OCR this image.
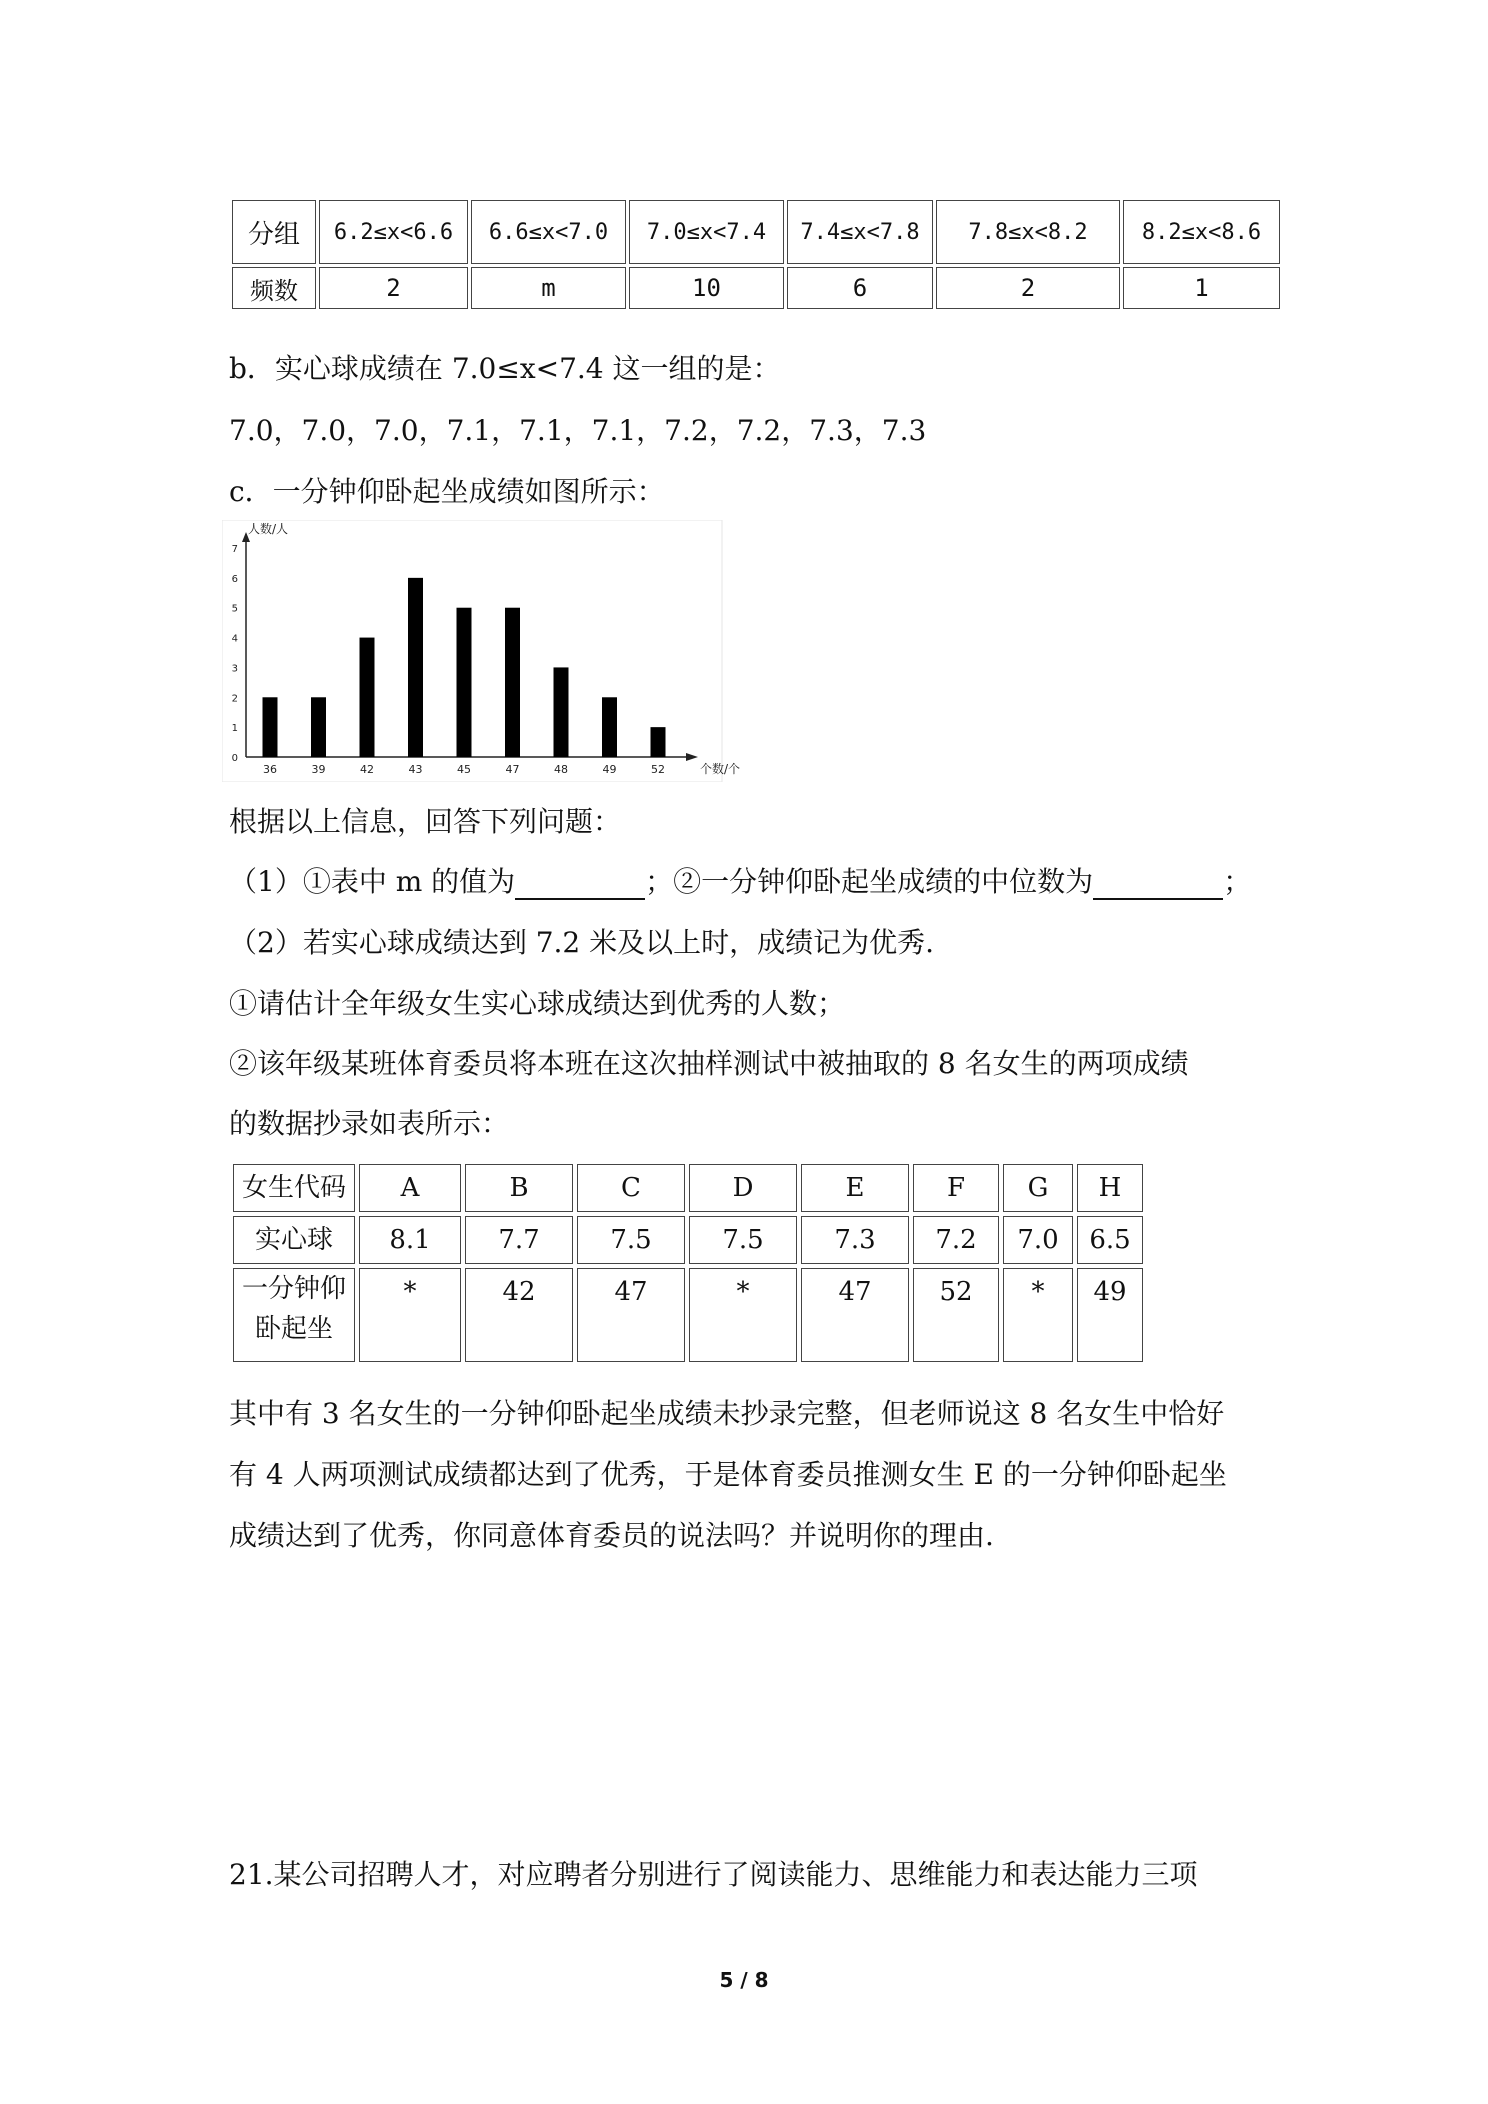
分组	6.2≤x<6.6	6.6≤x<7.0	7.0≤x<7.4	7.4≤x<7.8	7.8≤x<8.2	8.2≤x<8.6
频数	2	m	10	6	2	1
b．实心球成绩在 7.0≤x<7.4 这一组的是：
7.0，7.0，7.0，7.1，7.1，7.1，7.2，7.2，7.3，7.3
c．一分钟仰卧起坐成绩如图所示：
0
1
2
3
4
5
6
7
人数/人
个数/个
36	39	42	43	45	47	48	49	52
根据以上信息，回答下列问题：
（1）①表中 m 的值为	；②一分钟仰卧起坐成绩的中位数为	；
（2）若实心球成绩达到 7.2 米及以上时，成绩记为优秀.
①请估计全年级女生实心球成绩达到优秀的人数；
②该年级某班体育委员将本班在这次抽样测试中被抽取的 8 名女生的两项成绩
的数据抄录如表所示：
女生代码	A	B	C	D	E	F	G	H
实心球	8.1	7.7	7.5	7.5	7.3	7.2	7.0	6.5

一分钟仰
卧起坐	*	42	47	*	47	52	*	49
其中有 3 名女生的一分钟仰卧起坐成绩未抄录完整，但老师说这 8 名女生中恰好
有 4 人两项测试成绩都达到了优秀，于是体育委员推测女生 E 的一分钟仰卧起坐
成绩达到了优秀，你同意体育委员的说法吗？并说明你的理由.
21.某公司招聘人才，对应聘者分别进行了阅读能力、思维能力和表达能力三项
5 / 8
